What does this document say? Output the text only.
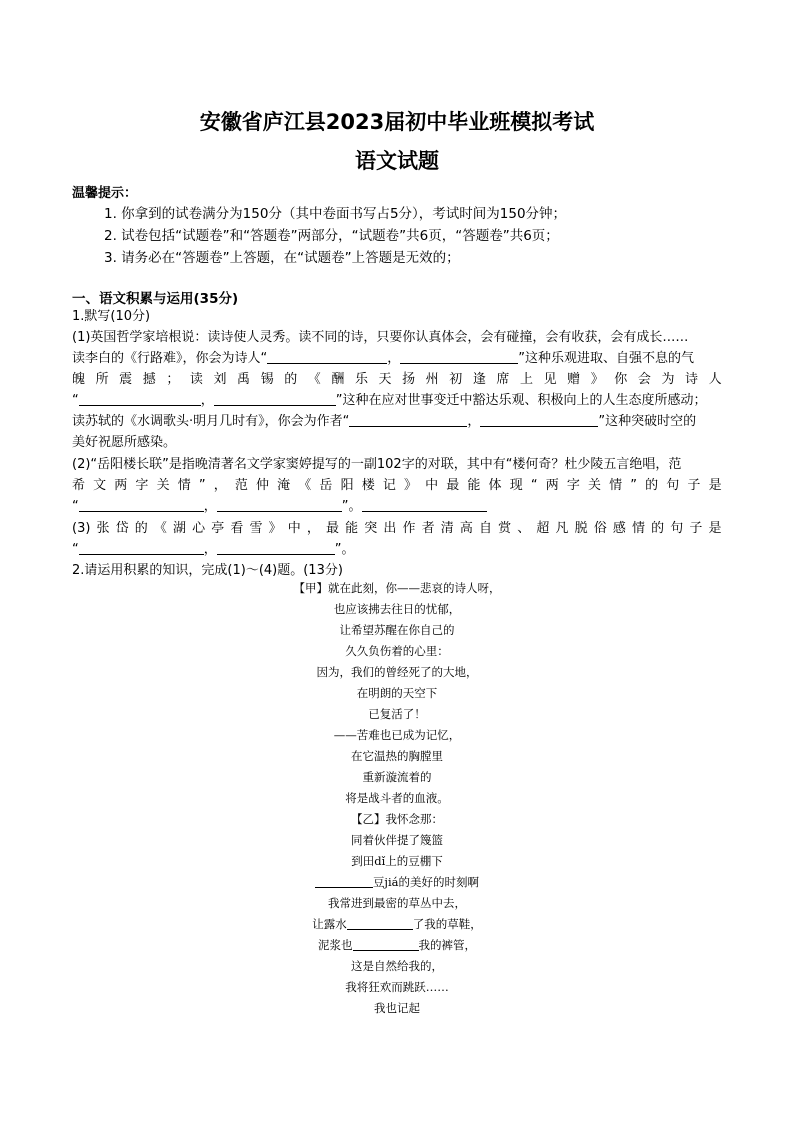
安徽省庐江县2023届初中毕业班模拟考试
语文试题
温馨提示：
1. 你拿到的试卷满分为150分（其中卷面书写占5分），考试时间为150分钟；
2. 试卷包括“试题卷”和“答题卷”两部分，“试题卷”共6页，“答题卷”共6页；
3. 请务必在“答题卷”上答题，在“试题卷”上答题是无效的；
一、语文积累与运用(35分)
1.默写(10分)
(1)英国哲学家培根说：读诗使人灵秀。读不同的诗，只要你认真体会，会有碰撞，会有收获，会有成长……
读李白的《行路难》，你会为诗人“	，	”这种乐观进取、自强不息的气
魄 所 震 撼 ； 读 刘 禹 锡 的 《 酬 乐 天 扬 州 初 逢 席 上 见 赠 》 你 会 为 诗 人
“	，	”这种在应对世事变迁中豁达乐观、积极向上的人生态度所感动；
读苏轼的《水调歌头·明月几时有》，你会为作者“	，	”这种突破时空的
美好祝愿所感染。
(2)“岳阳楼长联”是指晚清著名文学家窦婷提写的一副102字的对联，其中有“楼何奇？杜少陵五言绝唱，范
希 文 两 字 关 情 ” ， 范 仲 淹 《 岳 阳 楼 记 》 中 最 能 体 现 “ 两 字 关 情 ” 的 句 子 是
“	，	”。
(3) 张 岱 的 《 湖 心 亭 看 雪 》 中 ， 最 能 突 出 作 者 清 高 自 赏 、 超 凡 脱 俗 感 情 的 句 子 是
“	，	”。
2.请运用积累的知识，完成(1)～(4)题。(13分)
【甲】就在此刻，你——悲哀的诗人呀，
也应该拂去往日的忧郁，
让希望苏醒在你自己的
久久负伤着的心里：
因为，我们的曾经死了的大地，
在明朗的天空下
已复活了！
——苦难也已成为记忆，
在它温热的胸膛里
重新漩流着的
将是战斗者的血液。
【乙】我怀念那：
同着伙伴提了篾篮
到田dǐ上的豆棚下
豆jiá的美好的时刻啊
我常进到最密的草丛中去，
让露水	了我的草鞋，
泥浆也	我的裤管，
这是自然给我的，
我将狂欢而跳跃……
我也记起
